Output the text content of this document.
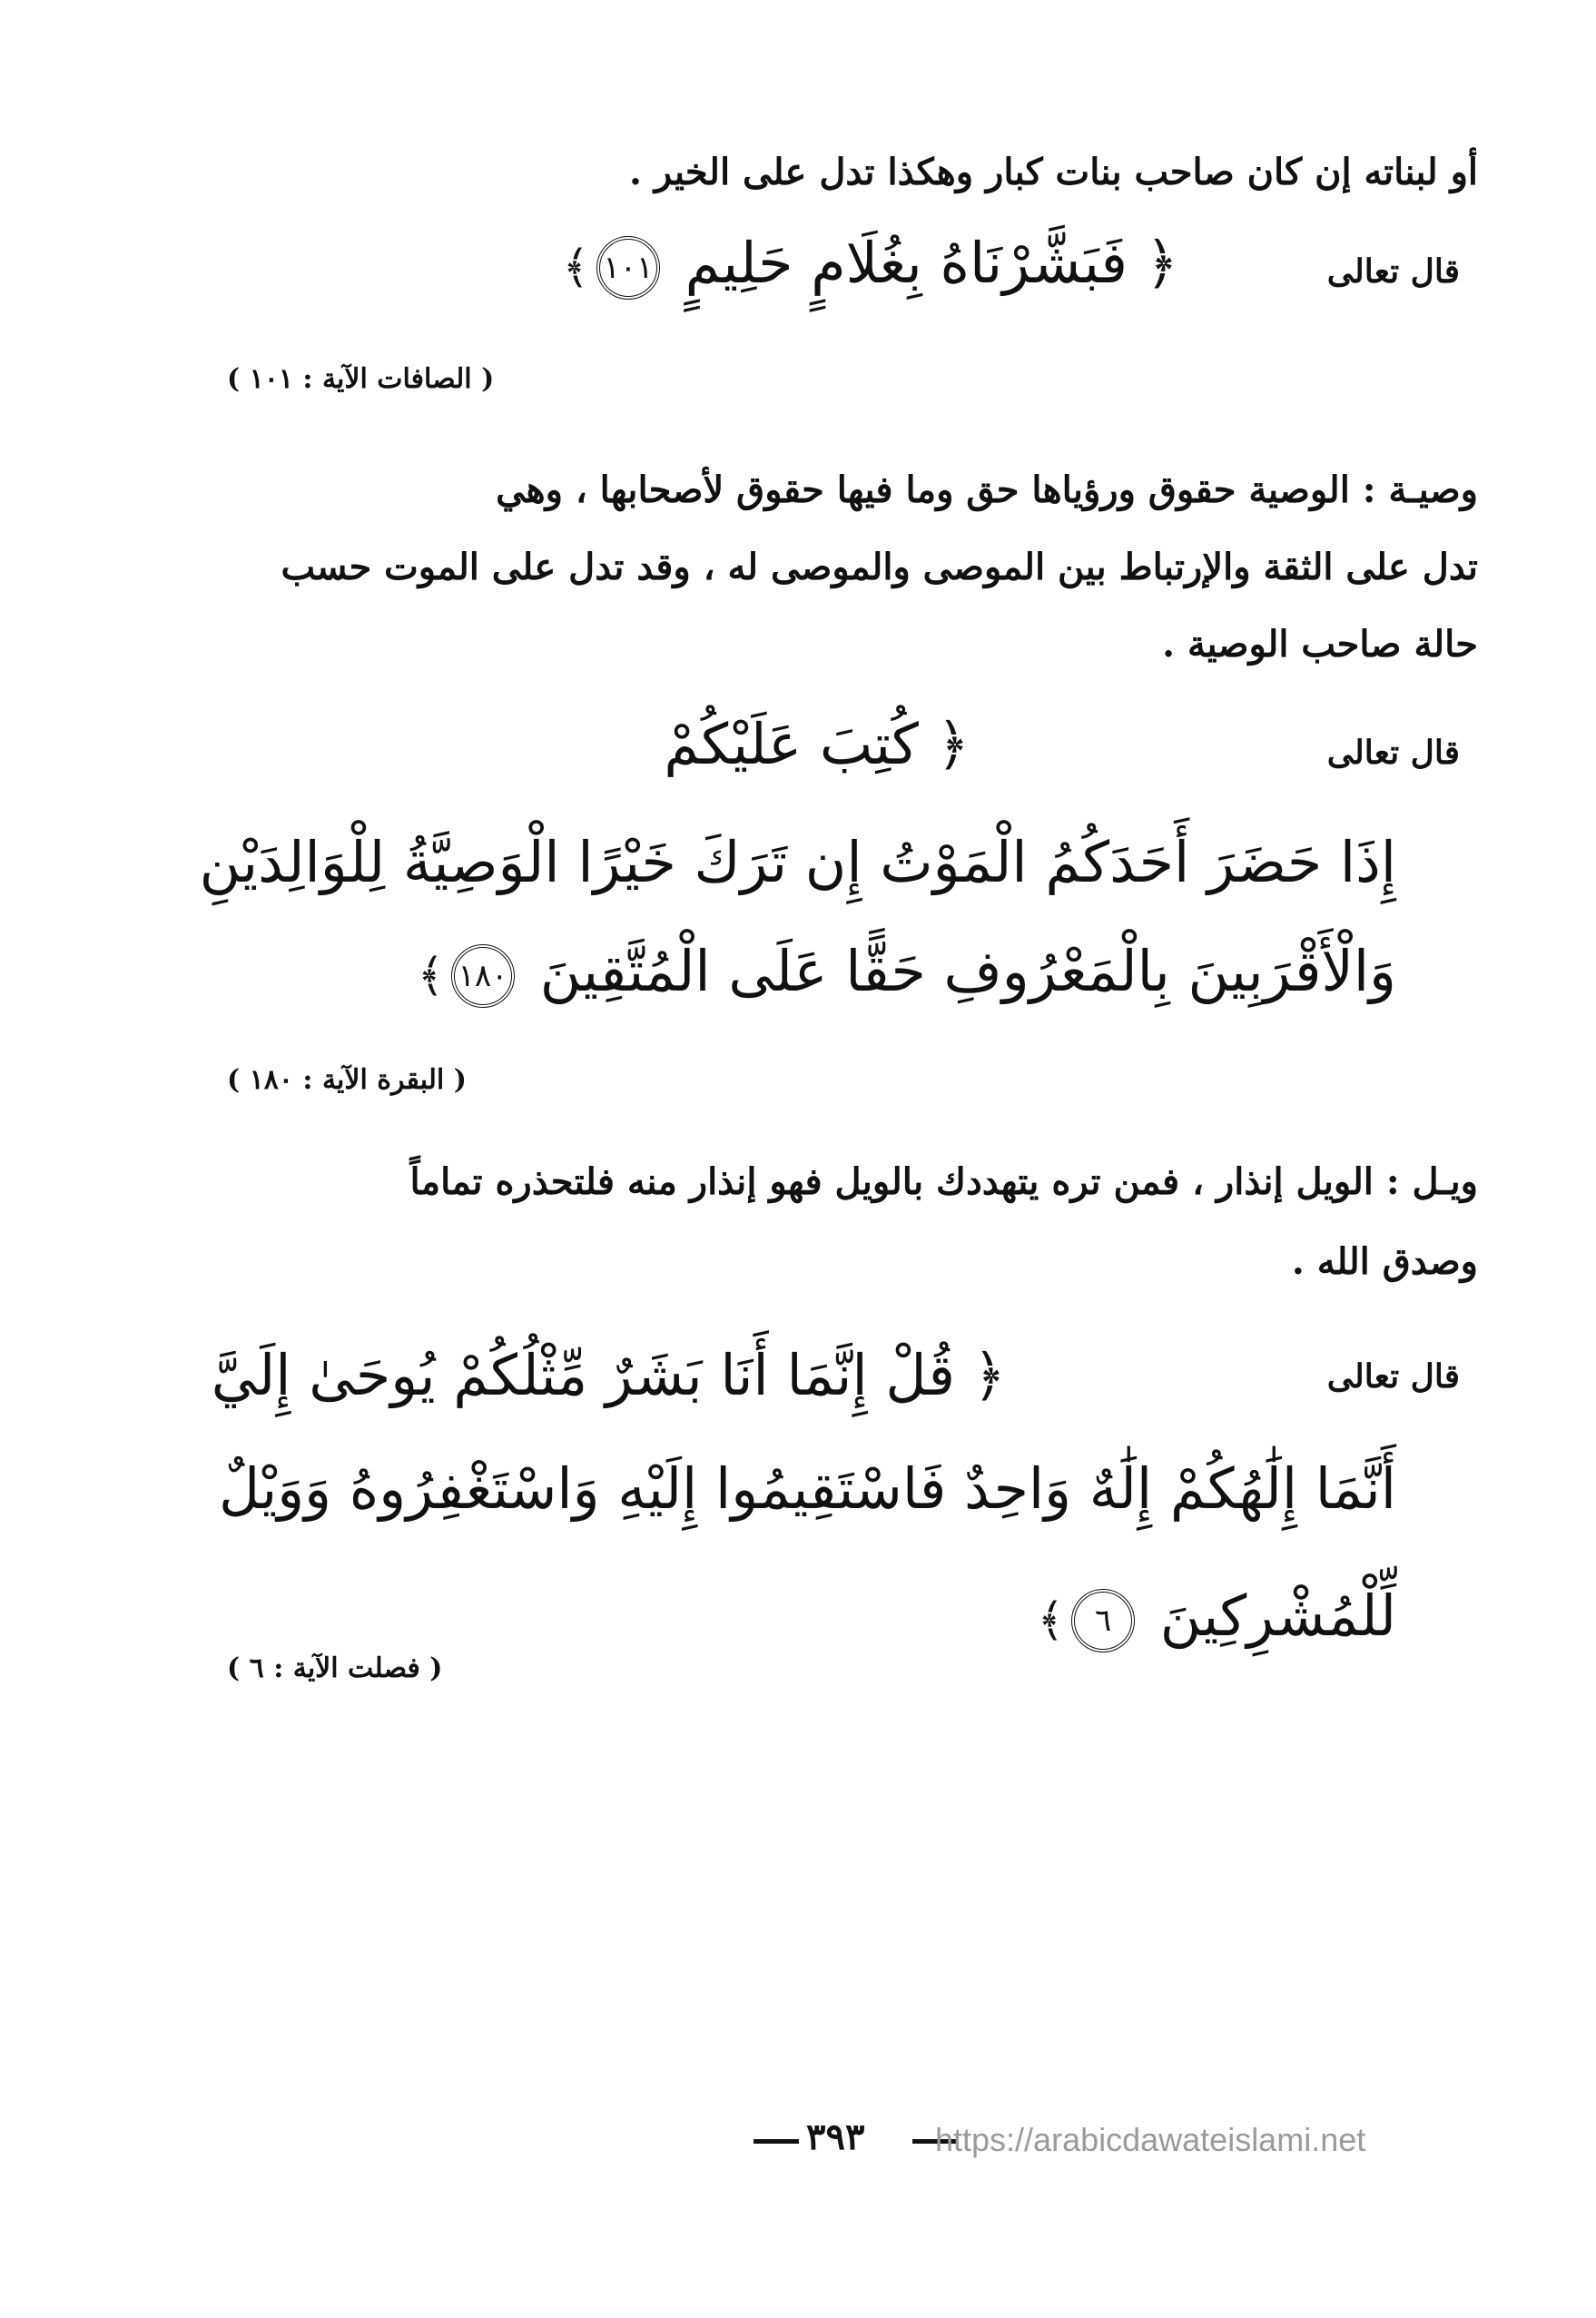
أو لبناته إن كان صاحب بنات كبار وهكذا تدل على الخير .
قال تعالى
﴿ فَبَشَّرْنَاهُ بِغُلَامٍ حَلِيمٍ ١٠١﴾
( الصافات الآية : ١٠١ )
وصيـة : الوصية حقوق ورؤياها حق وما فيها حقوق لأصحابها ، وهي
تدل على الثقة والإرتباط بين الموصى والموصى له ، وقد تدل على الموت حسب
حالة صاحب الوصية .
قال تعالى
﴿ كُتِبَ عَلَيْكُمْ
إِذَا حَضَرَ أَحَدَكُمُ الْمَوْتُ إِن تَرَكَ خَيْرًا الْوَصِيَّةُ لِلْوَالِدَيْنِ
وَالْأَقْرَبِينَ بِالْمَعْرُوفِ حَقًّا عَلَى الْمُتَّقِينَ ١٨٠﴾
( البقرة الآية : ١٨٠ )
ويـل : الويل إنذار ، فمن تره يتهددك بالويل فهو إنذار منه فلتحذره تماماً
وصدق الله .
قال تعالى
﴿ قُلْ إِنَّمَا أَنَا بَشَرٌ مِّثْلُكُمْ يُوحَىٰ إِلَيَّ
أَنَّمَا إِلَٰهُكُمْ إِلَٰهٌ وَاحِدٌ فَاسْتَقِيمُوا إِلَيْهِ وَاسْتَغْفِرُوهُ وَوَيْلٌ
لِّلْمُشْرِكِينَ ٦﴾
( فصلت الآية : ٦ )
٣٩٣ https://arabicdawateislami.net
